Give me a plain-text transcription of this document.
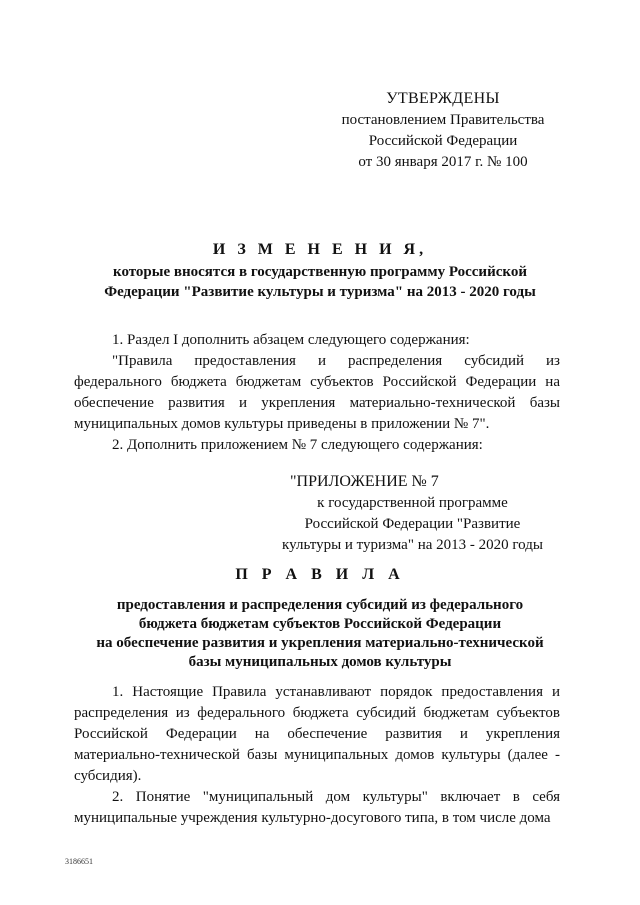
УТВЕРЖДЕНЫ
постановлением Правительства
Российской Федерации
от 30 января 2017 г. № 100
И З М Е Н Е Н И Я,
которые вносятся в государственную программу Российской
Федерации "Развитие культуры и туризма" на 2013 - 2020 годы

1. Раздел I дополнить абзацем следующего содержания:

"Правила предоставления и распределения субсидий из федерального бюджета бюджетам субъектов Российской Федерации на обеспечение развития и укрепления материально-технической базы муниципальных домов культуры приведены в приложении № 7".

2. Дополнить приложением № 7 следующего содержания:

"ПРИЛОЖЕНИЕ № 7
к государственной программе
Российской Федерации "Развитие
культуры и туризма" на 2013 - 2020 годы
П Р А В И Л А
предоставления и распределения субсидий из федерального
бюджета бюджетам субъектов Российской Федерации
на обеспечение развития и укрепления материально-технической
базы муниципальных домов культуры

1. Настоящие Правила устанавливают порядок предоставления и распределения из федерального бюджета субсидий бюджетам субъектов Российской Федерации на обеспечение развития и укрепления материально-технической базы муниципальных домов культуры (далее - субсидия).

2. Понятие "муниципальный дом культуры" включает в себя муниципальные учреждения культурно-досугового типа, в том числе дома

3186651
